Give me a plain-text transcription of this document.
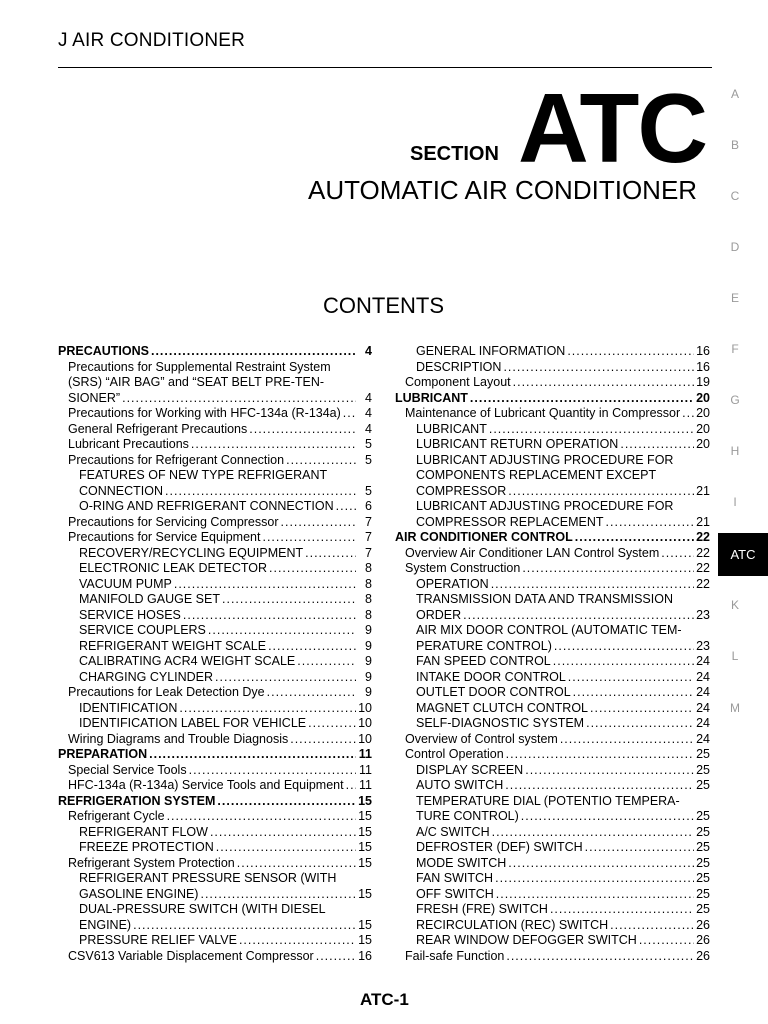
J AIR CONDITIONER
SECTION ATC
AUTOMATIC AIR CONDITIONER
CONTENTS
A
B
C
D
E
F
G
H
I
K
L
M
PRECAUTIONS .....	4
Precautions for Supplemental Restraint System
(SRS) “AIR BAG” and “SEAT BELT PRE-TEN-
SIONER” .....	4
Precautions for Working with HFC-134a (R-134a) .....	4
General Refrigerant Precautions .....	4
Lubricant Precautions .....	5
Precautions for Refrigerant Connection .....	5
FEATURES OF NEW TYPE REFRIGERANT
CONNECTION .....	5
O-RING AND REFRIGERANT CONNECTION .....	6
Precautions for Servicing Compressor .....	7
Precautions for Service Equipment .....	7
RECOVERY/RECYCLING EQUIPMENT .....	7
ELECTRONIC LEAK DETECTOR .....	8
VACUUM PUMP .....	8
MANIFOLD GAUGE SET .....	8
SERVICE HOSES .....	8
SERVICE COUPLERS .....	9
REFRIGERANT WEIGHT SCALE .....	9
CALIBRATING ACR4 WEIGHT SCALE .....	9
CHARGING CYLINDER .....	9
Precautions for Leak Detection Dye .....	9
IDENTIFICATION .....	10
IDENTIFICATION LABEL FOR VEHICLE .....	10
Wiring Diagrams and Trouble Diagnosis .....	10
PREPARATION .....	11
Special Service Tools .....	11
HFC-134a (R-134a) Service Tools and Equipment ..... 11
REFRIGERATION SYSTEM .....	15
Refrigerant Cycle .....	15
REFRIGERANT FLOW .....	15
FREEZE PROTECTION .....	15
Refrigerant System Protection .....	15
REFRIGERANT PRESSURE SENSOR (WITH
GASOLINE ENGINE) .....	15
DUAL-PRESSURE SWITCH (WITH DIESEL
ENGINE) .....	15
PRESSURE RELIEF VALVE .....	15
CSV613 Variable Displacement Compressor .....	16
GENERAL INFORMATION .....	16
DESCRIPTION .....	16
Component Layout .....	19
LUBRICANT .....	20
Maintenance of Lubricant Quantity in Compressor ..... 20
LUBRICANT .....	20
LUBRICANT RETURN OPERATION .....	20
LUBRICANT ADJUSTING PROCEDURE FOR
COMPONENTS REPLACEMENT EXCEPT
COMPRESSOR .....	21
LUBRICANT ADJUSTING PROCEDURE FOR
COMPRESSOR REPLACEMENT .....	21
AIR CONDITIONER CONTROL .....	22
Overview Air Conditioner LAN Control System .....	22
System Construction .....	22
OPERATION .....	22
TRANSMISSION DATA AND TRANSMISSION
ORDER .....	23
AIR MIX DOOR CONTROL (AUTOMATIC TEM-
PERATURE CONTROL) .....	23
FAN SPEED CONTROL .....	24
INTAKE DOOR CONTROL .....	24
OUTLET DOOR CONTROL .....	24
MAGNET CLUTCH CONTROL .....	24
SELF-DIAGNOSTIC SYSTEM .....	24
Overview of Control system .....	24
Control Operation .....	25
DISPLAY SCREEN .....	25
AUTO SWITCH .....	25
TEMPERATURE DIAL (POTENTIO TEMPERA-
TURE CONTROL) .....	25
A/C SWITCH .....	25
DEFROSTER (DEF) SWITCH .....	25
MODE SWITCH .....	25
FAN SWITCH .....	25
OFF SWITCH .....	25
FRESH (FRE) SWITCH .....	25
RECIRCULATION (REC) SWITCH .....	26
REAR WINDOW DEFOGGER SWITCH .....	26
Fail-safe Function .....	26
ATC-1
ATC
